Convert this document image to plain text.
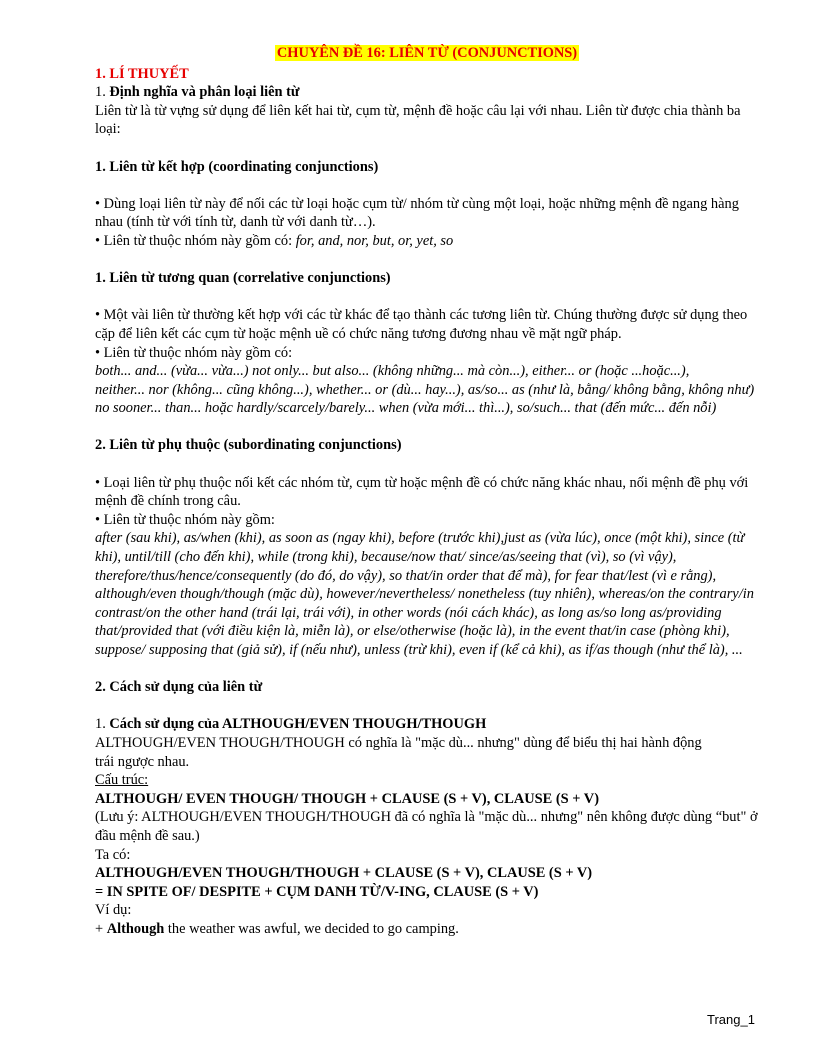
CHUYÊN ĐỀ 16: LIÊN TỪ (CONJUNCTIONS)

1. LÍ THUYẾT

1. Định nghĩa và phân loại liên từ

Liên từ là từ vựng sử dụng để liên kết hai từ, cụm từ, mệnh đề hoặc câu lại với nhau. Liên từ được chia thành ba loại:

1. Liên từ kết hợp (coordinating conjunctions)

• Dùng loại liên từ này để nối các từ loại hoặc cụm từ/ nhóm từ cùng một loại, hoặc những mệnh đề ngang hàng nhau (tính từ với tính từ, danh từ với danh từ…).

• Liên từ thuộc nhóm này gồm có: for, and, nor, but, or, yet, so

1. Liên từ tương quan (correlative conjunctions)

• Một vài liên từ thường kết hợp với các từ khác để tạo thành các tương liên từ. Chúng thường được sử dụng theo cặp để liên kết các cụm từ hoặc mệnh uề có chức năng tương đương nhau về mặt ngữ pháp.

• Liên từ thuộc nhóm này gồm có:

both... and... (vừa... vừa...) not only... but also... (không những... mà còn...), either... or (hoặc ...hoặc...),

neither... nor (không... cũng không...), whether... or (dù... hay...), as/so... as (như là, bằng/ không bằng, không như) no sooner... than... hoặc hardly/scarcely/barely... when (vừa mới... thì...), so/such... that (đến mức... đến nỗi)

2. Liên từ phụ thuộc (subordinating conjunctions)

• Loại liên từ phụ thuộc nối kết các nhóm từ, cụm từ hoặc mệnh đề có chức năng khác nhau, nối mệnh đề phụ với mệnh đề chính trong câu.

• Liên từ thuộc nhóm này gồm:

after (sau khi), as/when (khi), as soon as (ngay khi), before (trước khi),just as (vừa lúc), once (một khi), since (từ khi), until/till (cho đến khi), while (trong khi), because/now that/ since/as/seeing that (vì), so (vì vậy), therefore/thus/hence/consequently (do đó, do vậy), so that/in order that để mà), for fear that/lest (vì e rằng), although/even though/though (mặc dù), however/nevertheless/ nonetheless (tuy nhiên), whereas/on the contrary/in contrast/on the other hand (trái lại, trái với), in other words (nói cách khác), as long as/so long as/providing that/provided that (với điều kiện là, miễn là), or else/otherwise (hoặc là), in the event that/in case (phòng khi), suppose/ supposing that (giả sử), if (nếu như), unless (trừ khi), even if (kể cả khi), as if/as though (như thể là), ...

2. Cách sử dụng của liên từ

1. Cách sử dụng của ALTHOUGH/EVEN THOUGH/THOUGH

ALTHOUGH/EVEN THOUGH/THOUGH có nghĩa là "mặc dù... nhưng" dùng để biểu thị hai hành động

trái ngược nhau.

Cấu trúc:

ALTHOUGH/ EVEN THOUGH/ THOUGH + CLAUSE (S + V), CLAUSE (S + V)

(Lưu ý: ALTHOUGH/EVEN THOUGH/THOUGH đã có nghĩa là "mặc dù... nhưng" nên không được dùng “but" ở đầu mệnh đề sau.)

Ta có:

ALTHOUGH/EVEN THOUGH/THOUGH + CLAUSE (S + V), CLAUSE (S + V)

= IN SPITE OF/ DESPITE + CỤM DANH TỪ/V-ING, CLAUSE (S + V)

Ví dụ:

+ Although the weather was awful, we decided to go camping.

Trang_1
